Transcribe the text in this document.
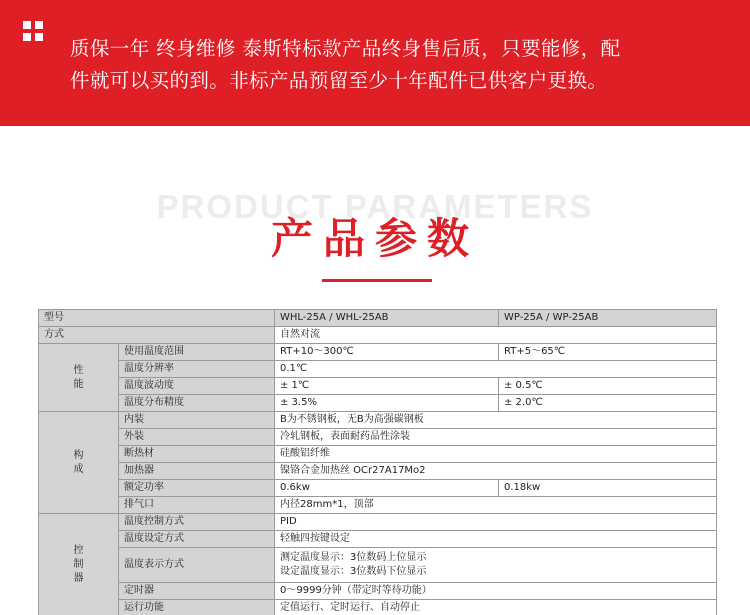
质保一年 终身维修 泰斯特标款产品终身售后质，只要能修，配
件就可以买的到。非标产品预留至少十年配件已供客户更换。
PRODUCT PARAMETERS
产品参数
型号		WHL-25A / WHL-25AB	WP-25A / WP-25AB
方式		自然对流	

性
能	使用温度范围	RT+10～300℃	RT+5～65℃
	温度分辨率	0.1℃	
	温度波动度	± 1℃	± 0.5℃
	温度分布精度	± 3.5%	± 2.0℃

构
成	内装	B为不锈钢板，无B为高强碳钢板	
	外装	冷轧钢板，表面耐药品性涂装	
	断热材	硅酸铝纤维	
	加热器	镍铬合金加热丝 OCr27A17Mo2	
	额定功率	0.6kw	0.18kw
	排气口	内径28mm*1，顶部	

控
制
器	温度控制方式	PID	
	温度设定方式	轻触四按键设定	
	温度表示方式	测定温度显示：3位数码上位显示
设定温度显示：3位数码下位显示	

	定时器	0～9999分钟（带定时等待功能）	
	运行功能	定值运行、定时运行、自动停止	
